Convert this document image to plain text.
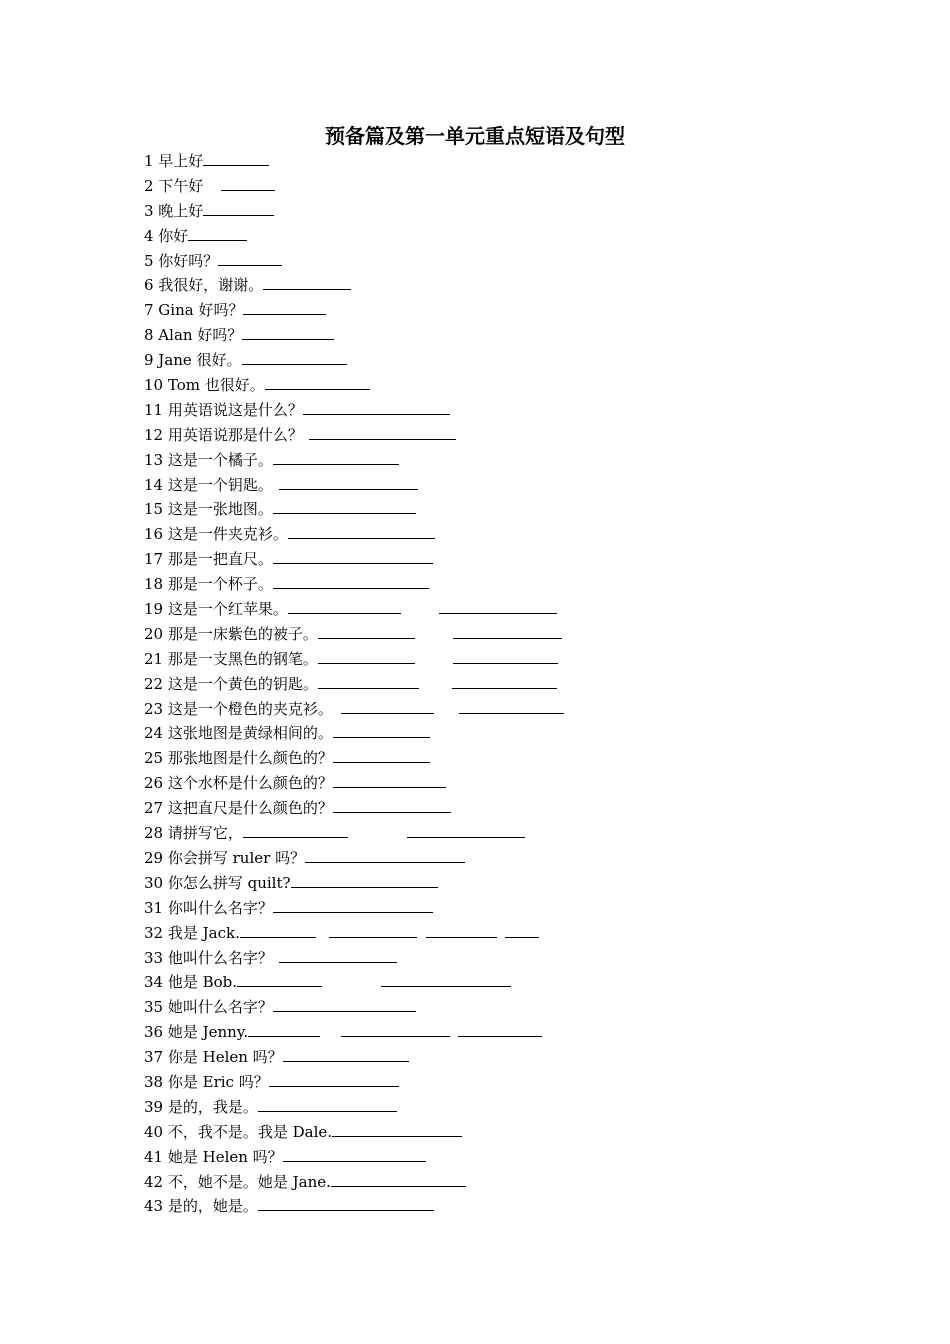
预备篇及第一单元重点短语及句型
1 早上好
2 下午好
3 晚上好
4 你好
5 你好吗？
6 我很好，谢谢。
7 Gina 好吗？
8 Alan 好吗？
9 Jane 很好。
10 Tom 也很好。
11 用英语说这是什么？
12 用英语说那是什么？
13 这是一个橘子。
14 这是一个钥匙。
15 这是一张地图。
16 这是一件夹克衫。
17 那是一把直尺。
18 那是一个杯子。
19 这是一个红苹果。
20 那是一床紫色的被子。
21 那是一支黑色的钢笔。
22 这是一个黄色的钥匙。
23 这是一个橙色的夹克衫。
24 这张地图是黄绿相间的。
25 那张地图是什么颜色的？
26 这个水杯是什么颜色的？
27 这把直尺是什么颜色的？
28 请拼写它，
29 你会拼写 ruler 吗？
30 你怎么拼写 quilt?
31 你叫什么名字？
32 我是 Jack.
33 他叫什么名字？
34 他是 Bob.
35 她叫什么名字？
36 她是 Jenny.
37 你是 Helen 吗？
38 你是 Eric 吗？
39 是的，我是。
40 不，我不是。我是 Dale.
41 她是 Helen 吗？
42 不，她不是。她是 Jane.
43 是的，她是。
